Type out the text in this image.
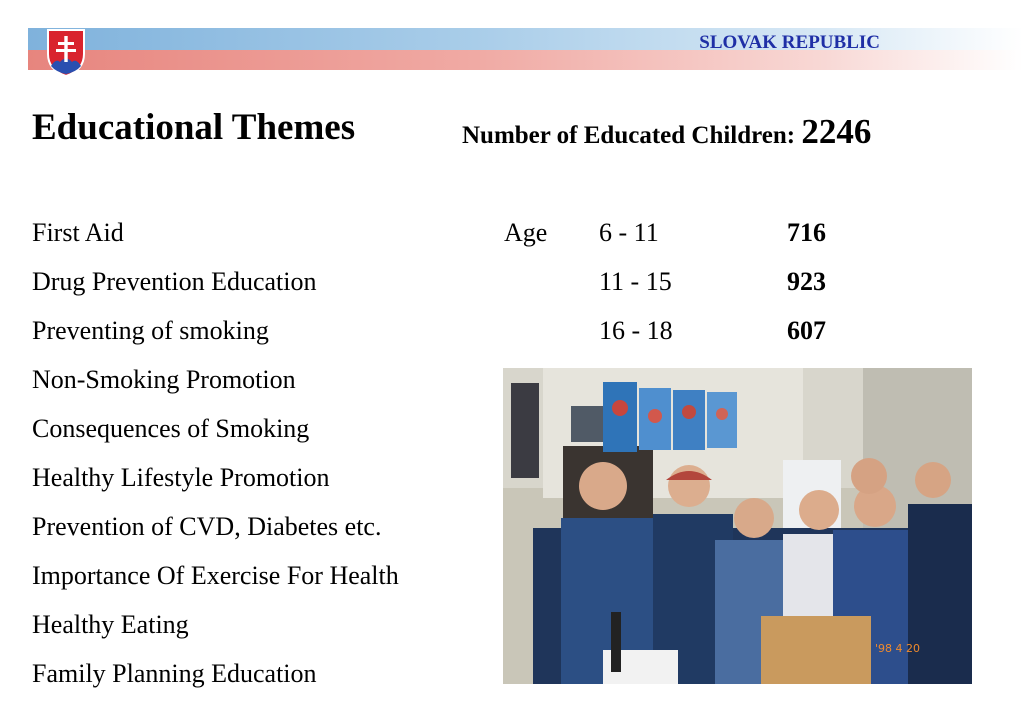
SLOVAK REPUBLIC
Educational Themes	Number of Educated Children: 2246
First Aid
Drug Prevention Education
Preventing of smoking
Non-Smoking Promotion
Consequences of Smoking
Healthy Lifestyle Promotion
Prevention of CVD, Diabetes etc.
Importance Of Exercise For Health
Healthy Eating
Family Planning Education
Age 6 - 11	716
11 - 15	923
16 - 18	607
'98 4 20
